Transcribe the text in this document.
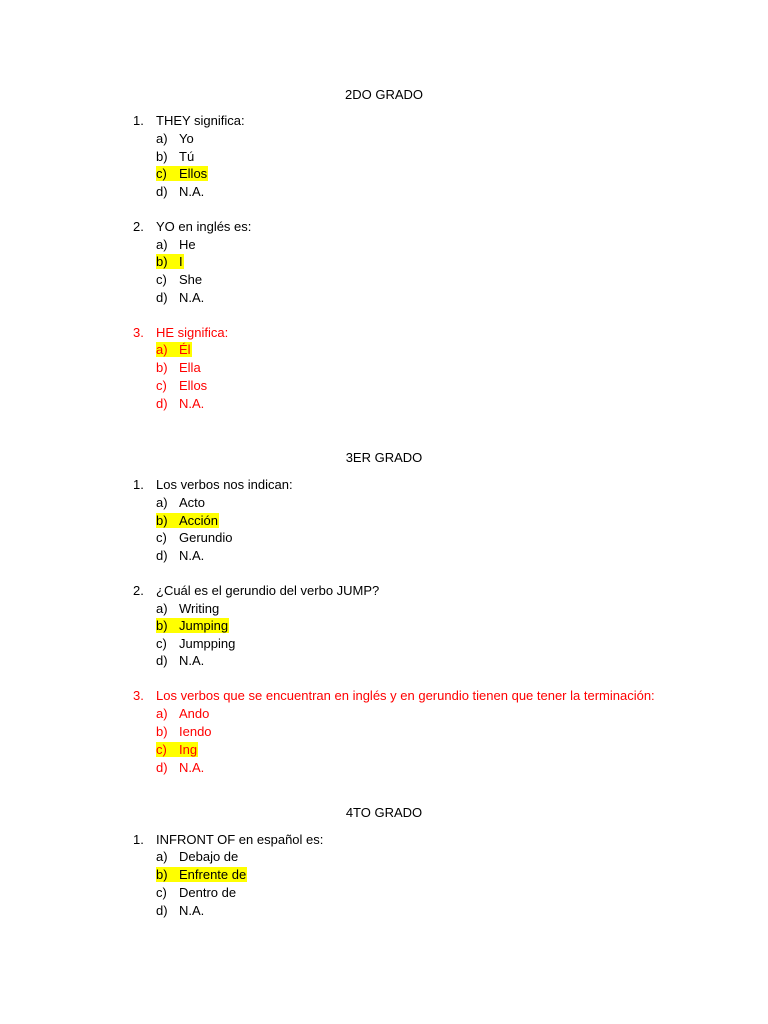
2DO GRADO
1. THEY significa:
a) Yo
b) Tú
c) Ellos
d) N.A.
2. YO en inglés es:
a) He
b) I
c) She
d) N.A.
3. HE significa:
a) Él
b) Ella
c) Ellos
d) N.A.
3ER GRADO
1. Los verbos nos indican:
a) Acto
b) Acción
c) Gerundio
d) N.A.
2. ¿Cuál es el gerundio del verbo JUMP?
a) Writing
b) Jumping
c) Jumpping
d) N.A.
3. Los verbos que se encuentran en inglés y en gerundio tienen que tener la terminación:
a) Ando
b) Iendo
c) Ing
d) N.A.
4TO GRADO
1. INFRONT OF en español es:
a) Debajo de
b) Enfrente de
c) Dentro de
d) N.A.
